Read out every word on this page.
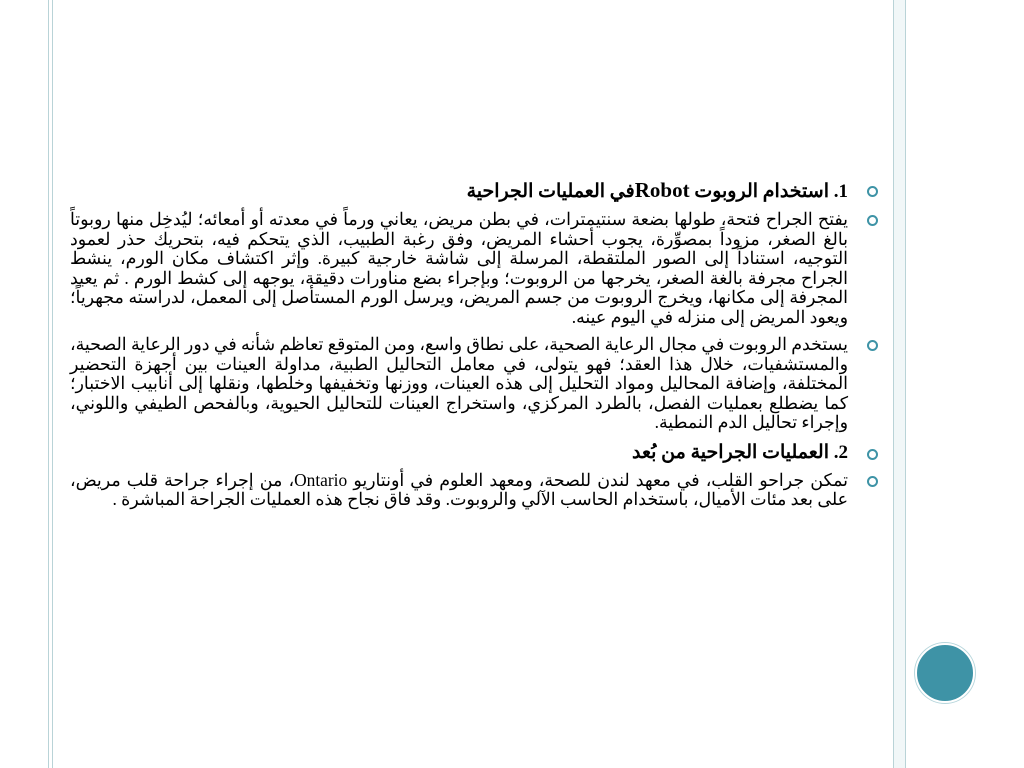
1. استخدام الروبوت Robotفي العمليات الجراحية
يفتح الجراح فتحة، طولها بضعة سنتيمترات، في بطن مريض، يعاني ورماً في معدته أو أمعائه؛ ليُدخِل منها روبوتاً بالغ الصغر، مزوداً بمصوِّرة، يجوب أحشاء المريض، وفق رغبة الطبيب، الذي يتحكم فيه، بتحريك حذر لعمود التوجيه، استناداً إلى الصور الملتقطة، المرسلة إلى شاشة خارجية كبيرة. وإثر اكتشاف مكان الورم، ينشط الجراح مجرفة بالغة الصغر، يخرجها من الروبوت؛ وبإجراء بضع مناورات دقيقة، يوجهه إلى كشط الورم . ثم يعيد المجرفة إلى مكانها، ويخرج الروبوت من جسم المريض، ويرسل الورم المستأصل إلى المعمل، لدراسته مجهرياً؛ ويعود المريض إلى منزله في اليوم عينه.
يستخدم الروبوت في مجال الرعاية الصحية، على نطاق واسع، ومن المتوقع تعاظم شأنه في دور الرعاية الصحية، والمستشفيات، خلال هذا العقد؛ فهو يتولى، في معامل التحاليل الطبية، مداولة العينات بين أجهزة التحضير المختلفة، وإضافة المحاليل ومواد التحليل إلى هذه العينات، ووزنها وتخفيفها وخلطها، ونقلها إلى أنابيب الاختبار؛ كما يضطلع بعمليات الفصل، بالطرد المركزي، واستخراج العينات للتحاليل الحيوية، وبالفحص الطيفي واللوني، وإجراء تحاليل الدم النمطية.
2. العمليات الجراحية من بُعد
تمكن جراحو القلب، في معهد لندن للصحة، ومعهد العلوم في أونتاريو Ontario، من إجراء جراحة قلب مريض، على بعد مئات الأميال، باستخدام الحاسب الآلي والروبوت. وقد فاق نجاح هذه العمليات الجراحة المباشرة .
